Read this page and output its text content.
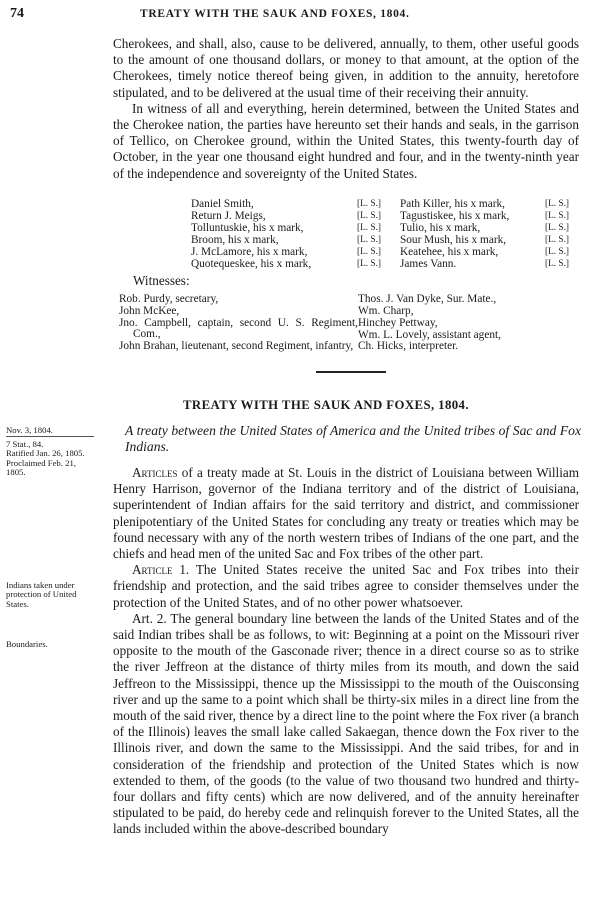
74	TREATY WITH THE SAUK AND FOXES, 1804.

Cherokees, and shall, also, cause to be delivered, annually, to them, other useful goods to the amount of one thousand dollars, or money to that amount, at the option of the Cherokees, timely notice thereof being given, in addition to the annuity, heretofore stipulated, and to be delivered at the usual time of their receiving their annuity.

In witness of all and everything, herein determined, between the United States and the Cherokee nation, the parties have hereunto set their hands and seals, in the garrison of Tellico, on Cherokee ground, within the United States, this twenty-fourth day of October, in the year one thousand eight hundred and four, and in the twenty-ninth year of the independence and sovereignty of the United States.

Daniel Smith,
Return J. Meigs,
Tolluntuskie, his x mark,
Broom, his x mark,
J. McLamore, his x mark,
Quotequeskee, his x mark,
[L. S.]
[L. S.]
[L. S.]
[L. S.]
[L. S.]
[L. S.]
Path Killer, his x mark,
Tagustiskee, his x mark,
Tulio, his x mark,
Sour Mush, his x mark,
Keatehee, his x mark,
James Vann.
[L. S.]
[L. S.]
[L. S.]
[L. S.]
[L. S.]
[L. S.]
Witnesses:
Rob. Purdy, secretary,
John McKee,
Jno. Campbell, captain, second U. S. Regiment, Com.,
John Brahan, lieutenant, second Regiment, infantry,
Thos. J. Van Dyke, Sur. Mate.,
Wm. Charp,
Hinchey Pettway,
Wm. L. Lovely, assistant agent,
Ch. Hicks, interpreter.
TREATY WITH THE SAUK AND FOXES, 1804.
Nov. 3, 1804.
7 Stat., 84.
Ratified Jan. 26, 1805.
Proclaimed Feb. 21, 1805.
Indians taken under protection of United States.
Boundaries.
A treaty between the United States of America and the United tribes of Sac and Fox Indians.

Articles of a treaty made at St. Louis in the district of Louisiana between William Henry Harrison, governor of the Indiana territory and of the district of Louisiana, superintendent of Indian affairs for the said territory and district, and commissioner plenipotentiary of the United States for concluding any treaty or treaties which may be found necessary with any of the north western tribes of Indians of the one part, and the chiefs and head men of the united Sac and Fox tribes of the other part.

Article 1. The United States receive the united Sac and Fox tribes into their friendship and protection, and the said tribes agree to consider themselves under the protection of the United States, and of no other power whatsoever.

Art. 2. The general boundary line between the lands of the United States and of the said Indian tribes shall be as follows, to wit: Beginning at a point on the Missouri river opposite to the mouth of the Gasconade river; thence in a direct course so as to strike the river Jeffreon at the distance of thirty miles from its mouth, and down the said Jeffreon to the Mississippi, thence up the Mississippi to the mouth of the Ouisconsing river and up the same to a point which shall be thirty-six miles in a direct line from the mouth of the said river, thence by a direct line to the point where the Fox river (a branch of the Illinois) leaves the small lake called Sakaegan, thence down the Fox river to the Illinois river, and down the same to the Mississippi. And the said tribes, for and in consideration of the friendship and protection of the United States which is now extended to them, of the goods (to the value of two thousand two hundred and thirty-four dollars and fifty cents) which are now delivered, and of the annuity hereinafter stipulated to be paid, do hereby cede and relinquish forever to the United States, all the lands included within the above-described boundary
